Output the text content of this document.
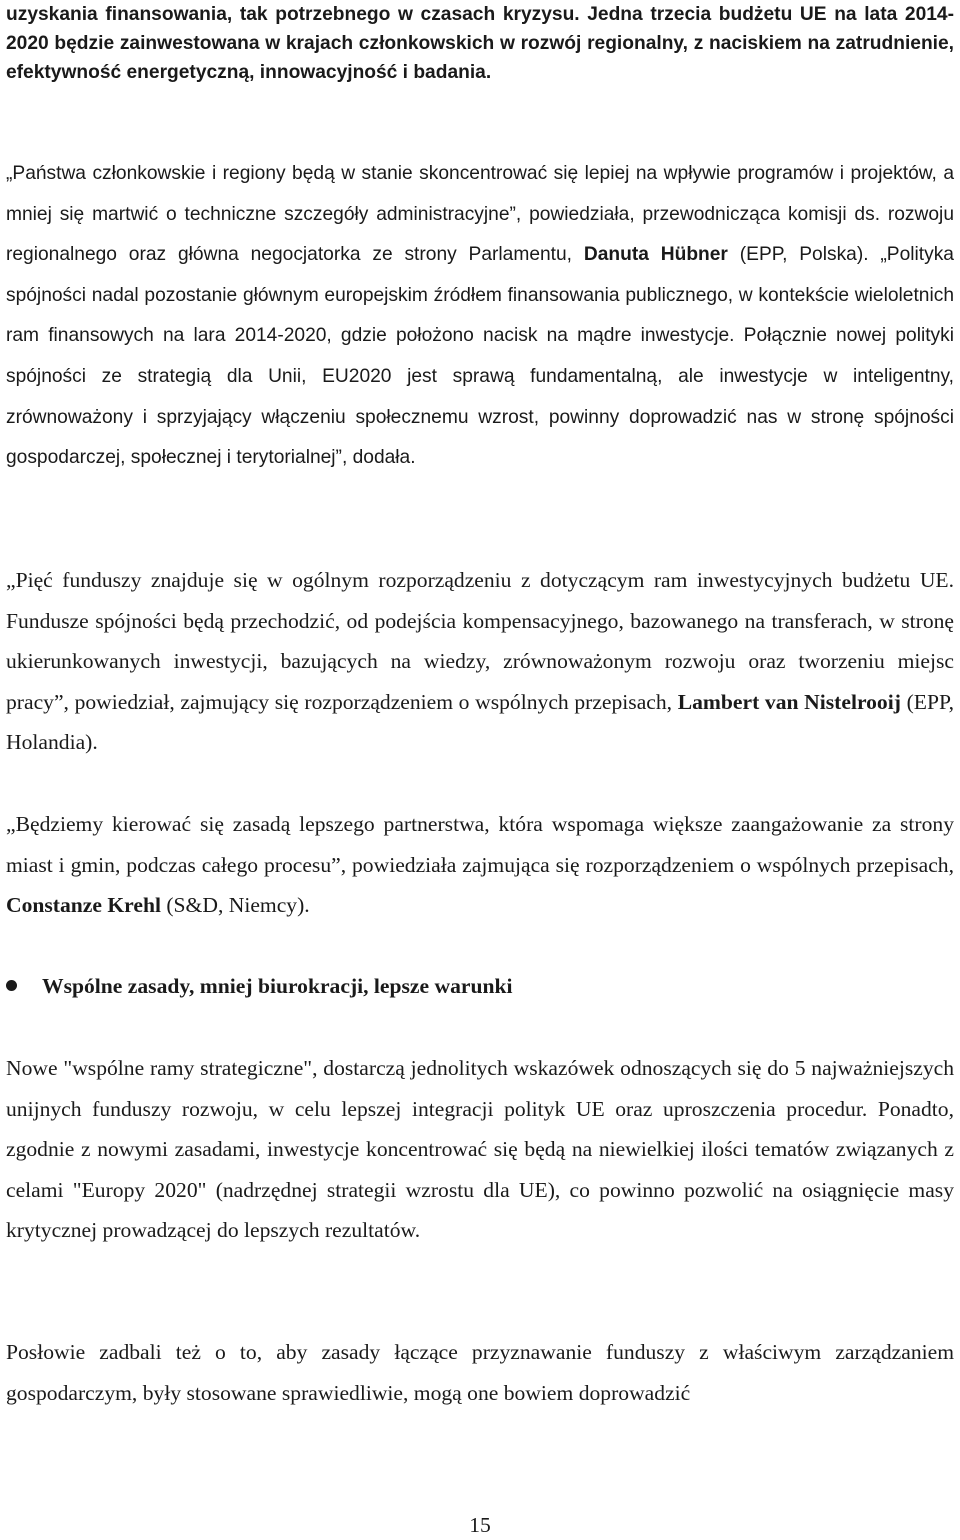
uzyskania finansowania, tak potrzebnego w czasach kryzysu. Jedna trzecia budżetu UE na lata 2014-2020 będzie zainwestowana w krajach członkowskich w rozwój regionalny, z naciskiem na zatrudnienie, efektywność energetyczną, innowacyjność i badania.

„Państwa członkowskie i regiony będą w stanie skoncentrować się lepiej na wpływie programów i projektów, a mniej się martwić o techniczne szczegóły administracyjne”, powiedziała, przewodnicząca komisji ds. rozwoju regionalnego oraz główna negocjatorka ze strony Parlamentu, Danuta Hübner (EPP, Polska). „Polityka spójności nadal pozostanie głównym europejskim źródłem finansowania publicznego, w kontekście wieloletnich ram finansowych na lara 2014-2020, gdzie położono nacisk na mądre inwestycje. Połącznie nowej polityki spójności ze strategią dla Unii, EU2020 jest sprawą fundamentalną, ale inwestycje w inteligentny, zrównoważony i sprzyjający włączeniu społecznemu wzrost, powinny doprowadzić nas w stronę spójności gospodarczej, społecznej i terytorialnej”, dodała.

„Pięć funduszy znajduje się w ogólnym rozporządzeniu z dotyczącym ram inwestycyjnych budżetu UE. Fundusze spójności będą przechodzić, od podejścia kompensacyjnego, bazowanego na transferach, w stronę ukierunkowanych inwestycji, bazujących na wiedzy, zrównoważonym rozwoju oraz tworzeniu miejsc pracy”, powiedział, zajmujący się rozporządzeniem o wspólnych przepisach, Lambert van Nistelrooij (EPP, Holandia).

„Będziemy kierować się zasadą lepszego partnerstwa, która wspomaga większe zaangażowanie za strony miast i gmin, podczas całego procesu”, powiedziała zajmująca się rozporządzeniem o wspólnych przepisach, Constanze Krehl (S&D, Niemcy).

Wspólne zasady, mniej biurokracji, lepsze warunki

Nowe "wspólne ramy strategiczne", dostarczą jednolitych wskazówek odnoszących się do 5 najważniejszych unijnych funduszy rozwoju, w celu lepszej integracji polityk UE oraz uproszczenia procedur. Ponadto, zgodnie z nowymi zasadami, inwestycje koncentrować się będą na niewielkiej ilości tematów związanych z celami "Europy 2020" (nadrzędnej strategii wzrostu dla UE), co powinno pozwolić na osiągnięcie masy krytycznej prowadzącej do lepszych rezultatów.

Posłowie zadbali też o to, aby zasady łączące przyznawanie funduszy z właściwym zarządzaniem gospodarczym, były stosowane sprawiedliwie, mogą one bowiem doprowadzić

15
